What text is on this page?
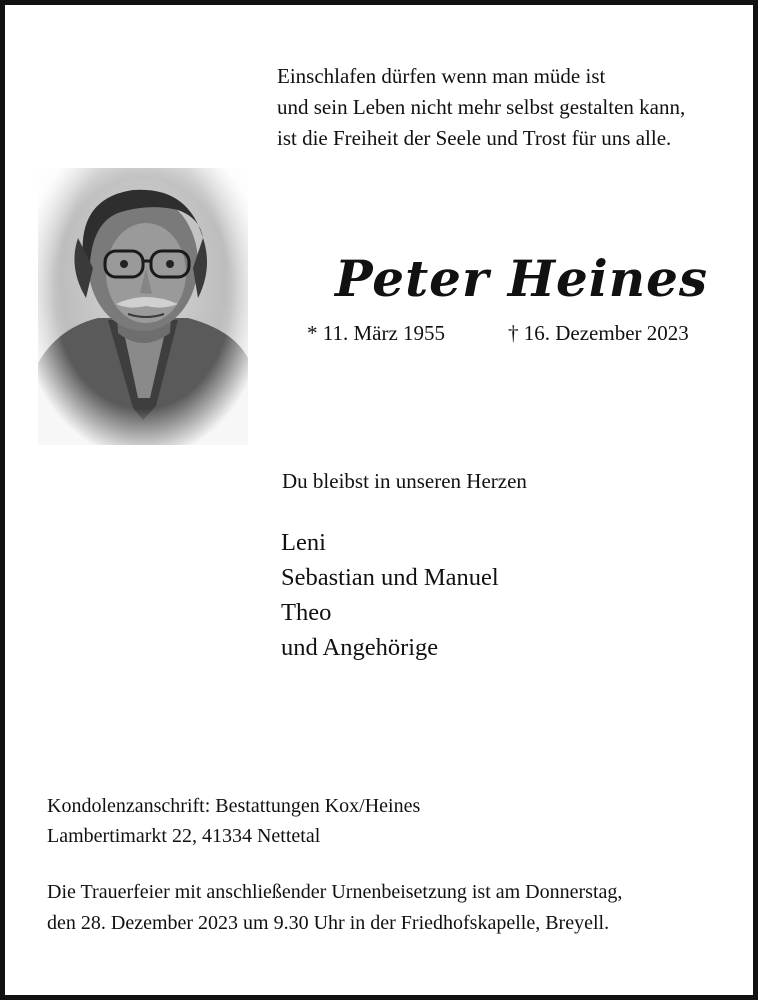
Einschlafen dürfen wenn man müde ist
und sein Leben nicht mehr selbst gestalten kann,
ist die Freiheit der Seele und Trost für uns alle.
Peter Heines
* 11. März 1955	† 16. Dezember 2023
Du bleibst in unseren Herzen
Leni
Sebastian und Manuel
Theo
und Angehörige
Kondolenzanschrift: Bestattungen Kox/Heines
Lambertimarkt 22, 41334 Nettetal
Die Trauerfeier mit anschließender Urnenbeisetzung ist am Donnerstag,
den 28. Dezember 2023 um 9.30 Uhr in der Friedhofskapelle, Breyell.
